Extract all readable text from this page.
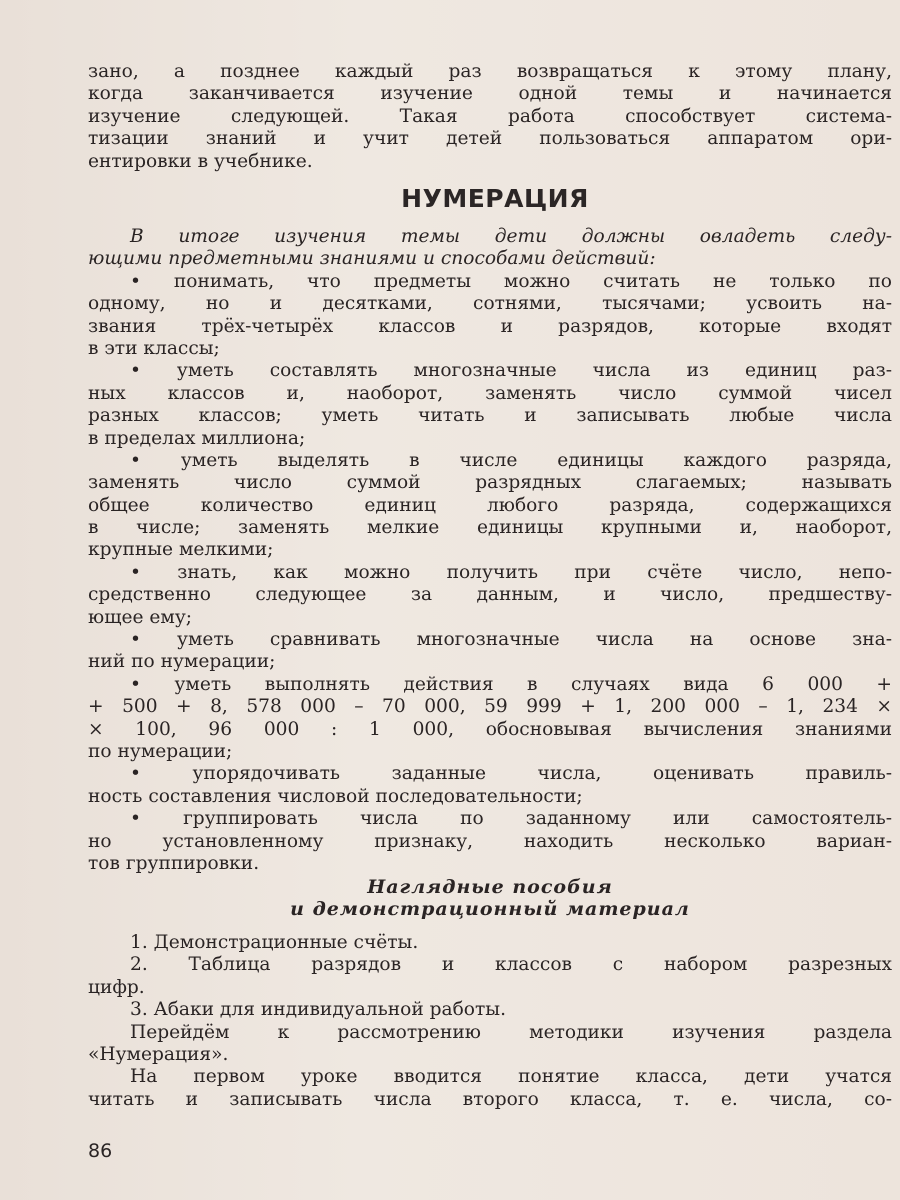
зано, а позднее каждый раз возвращаться к этому плану,
когда заканчивается изучение одной темы и начинается
изучение следующей. Такая работа способствует система-
тизации знаний и учит детей пользоваться аппаратом ори-
ентировки в учебнике.
НУМЕРАЦИЯ
В итоге изучения темы дети должны овладеть следу-
ющими предметными знаниями и способами действий:
• понимать, что предметы можно считать не только по
одному, но и десятками, сотнями, тысячами; усвоить на-
звания трёх-четырёх классов и разрядов, которые входят
в эти классы;
• уметь составлять многозначные числа из единиц раз-
ных классов и, наоборот, заменять число суммой чисел
разных классов; уметь читать и записывать любые числа
в пределах миллиона;
• уметь выделять в числе единицы каждого разряда,
заменять число суммой разрядных слагаемых; называть
общее количество единиц любого разряда, содержащихся
в числе; заменять мелкие единицы крупными и, наоборот,
крупные мелкими;
• знать, как можно получить при счёте число, непо-
средственно следующее за данным, и число, предшеству-
ющее ему;
• уметь сравнивать многозначные числа на основе зна-
ний по нумерации;
• уметь выполнять действия в случаях вида 6 000 +
+ 500 + 8, 578 000 – 70 000, 59 999 + 1, 200 000 – 1, 234 ×
× 100, 96 000 : 1 000, обосновывая вычисления знаниями
по нумерации;
• упорядочивать заданные числа, оценивать правиль-
ность составления числовой последовательности;
• группировать числа по заданному или самостоятель-
но установленному признаку, находить несколько вариан-
тов группировки.
Наглядные пособия
и демонстрационный материал
1. Демонстрационные счёты.
2. Таблица разрядов и классов с набором разрезных
цифр.
3. Абаки для индивидуальной работы.
Перейдём к рассмотрению методики изучения раздела
«Нумерация».
На первом уроке вводится понятие класса, дети учатся
читать и записывать числа второго класса, т. е. числа, со-
86
